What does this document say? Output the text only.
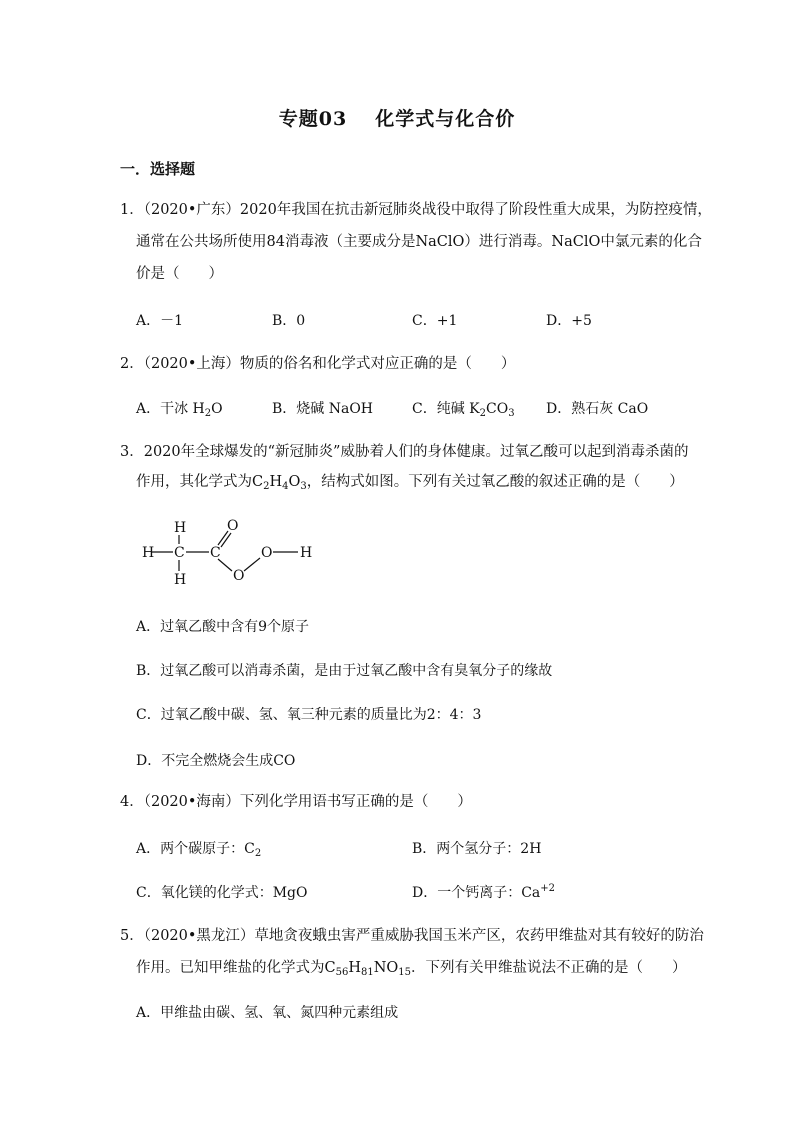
专题03 化学式与化合价
一．选择题
1．（2020•广东）2020年我国在抗击新冠肺炎战役中取得了阶段性重大成果，为防控疫情，
通常在公共场所使用84消毒液（主要成分是NaClO）进行消毒。NaClO中氯元素的化合
价是（　　）
A．－1	B．0	C．+1	D．+5
2．（2020•上海）物质的俗名和化学式对应正确的是（　　）
A．干冰 $H_2O$	B．烧碱 NaOH	C．纯碱 $K_2CO_3$ D．熟石灰 CaO
3．2020年全球爆发的“新冠肺炎”威胁着人们的身体健康。过氧乙酸可以起到消毒杀菌的
作用，其化学式为$C_2H_4O_3$，结构式如图。下列有关过氧乙酸的叙述正确的是（　　）
H
H C
H
C
O
O
O H
A．过氧乙酸中含有9个原子
B．过氧乙酸可以消毒杀菌，是由于过氧乙酸中含有臭氧分子的缘故
C．过氧乙酸中碳、氢、氧三种元素的质量比为2：4：3
D．不完全燃烧会生成CO
4．（2020•海南）下列化学用语书写正确的是（　　）
A．两个碳原子：$C_2$	B．两个氢分子：2H
C．氧化镁的化学式：MgO	D．一个钙离子：$Ca^{+2}$
5．（2020•黑龙江）草地贪夜蛾虫害严重威胁我国玉米产区，农药甲维盐对其有较好的防治
作用。已知甲维盐的化学式为$C_{56}H_{81}NO_{15}$．下列有关甲维盐说法不正确的是（　　）
A．甲维盐由碳、氢、氧、氮四种元素组成
